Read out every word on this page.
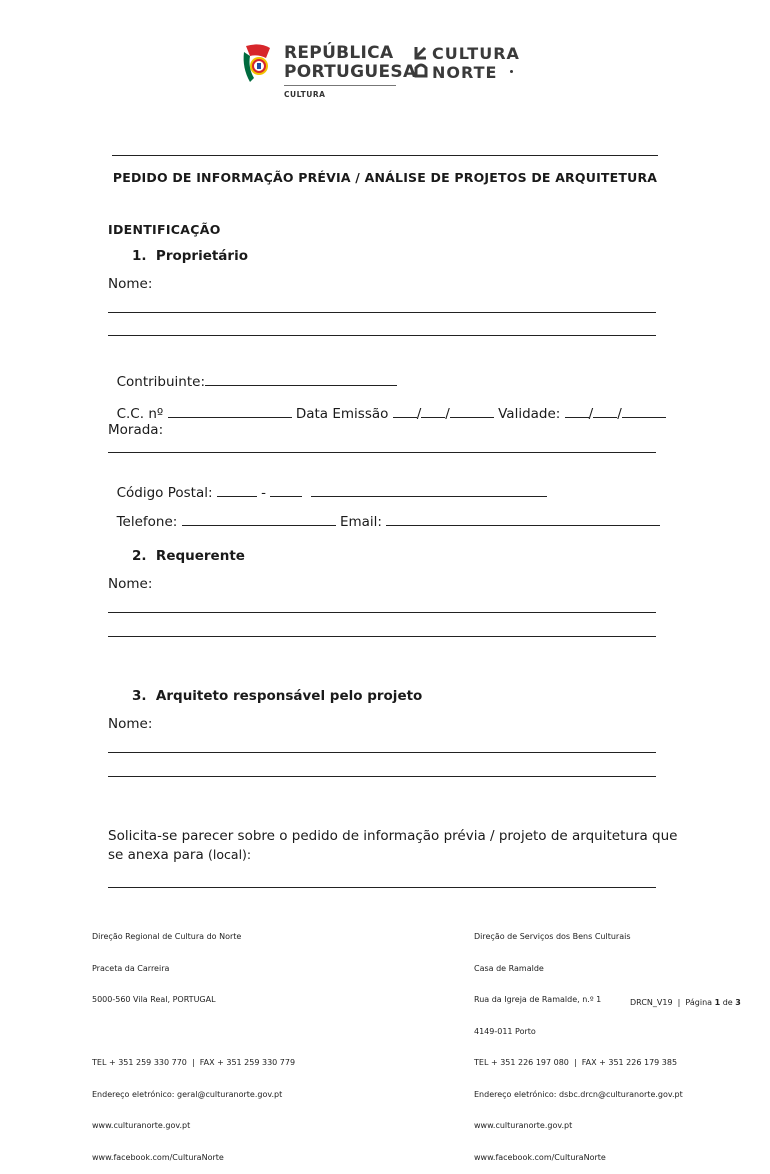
REPÚBLICA
PORTUGUESA
CULTURA
CULTURA
NORTE
PEDIDO DE INFORMAÇÃO PRÉVIA / ANÁLISE DE PROJETOS DE ARQUITETURA
IDENTIFICAÇÃO
1.  Proprietário
Nome:

Contribuinte:

C.C. nº	Data Emissão / /	Validade: / /

Morada:

Código Postal:	-

Telefone:	Email:

2.  Requerente
Nome:
3.  Arquiteto responsável pelo projeto
Nome:
Solicita-se parecer sobre o pedido de informação prévia / projeto de arquitetura que
se anexa para (local):

Direção Regional de Cultura do Norte

Praceta da Carreira

5000-560 Vila Real, PORTUGAL

TEL + 351 259 330 770  |  FAX + 351 259 330 779

Endereço eletrónico: geral@culturanorte.gov.pt

www.culturanorte.gov.pt

www.facebook.com/CulturaNorte

Direção de Serviços dos Bens Culturais

Casa de Ramalde

Rua da Igreja de Ramalde, n.º 1

4149-011 Porto

TEL + 351 226 197 080  |  FAX + 351 226 179 385

Endereço eletrónico: dsbc.drcn@culturanorte.gov.pt

www.culturanorte.gov.pt

www.facebook.com/CulturaNorte

DRCN_V19  |  Página 1 de 3
